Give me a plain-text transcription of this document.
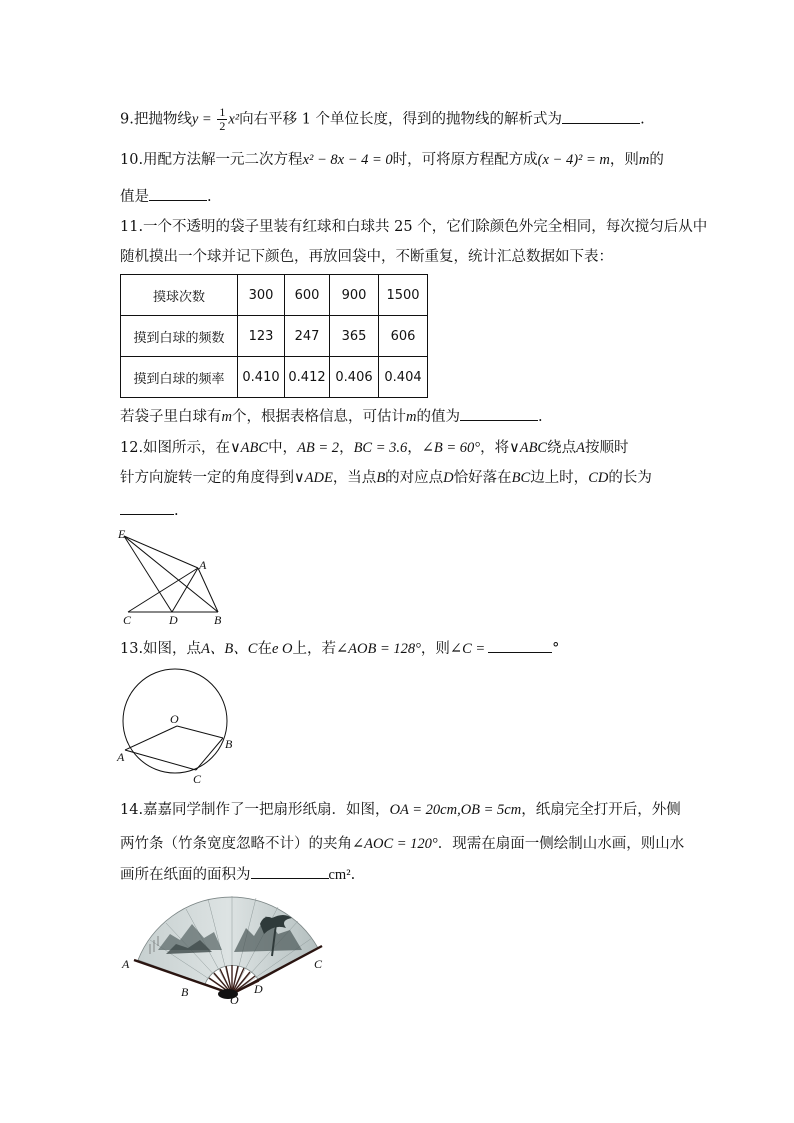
9.把抛物线$y = \frac{1}{2} x^2$向右平移 1 个单位长度，得到的抛物线的解析式为	.
10.用配方法解一元二次方程x² − 8x − 4 = 0时，可将原方程配方成(x − 4)² = m，则m的
值是	.
11.一个不透明的袋子里装有红球和白球共 25 个，它们除颜色外完全相同，每次搅匀后从中
随机摸出一个球并记下颜色，再放回袋中，不断重复，统计汇总数据如下表：
摸球次数	300	600	900	1500
摸到白球的频数	123	247	365	606
摸到白球的频率	0.410	0.412	0.406	0.404
若袋子里白球有m个，根据表格信息，可估计m的值为	.
12.如图所示，在∨ABC中，AB = 2，BC = 3.6，∠B = 60°，将∨ABC绕点A按顺时
针方向旋转一定的角度得到∨ADE，当点B的对应点D恰好落在BC边上时，CD的长为
.
E
A
C	D	B
13.如图，点A、B、C在e O上，若∠AOB = 128°，则∠C =	°
O
A
B
C
14.嘉嘉同学制作了一把扇形纸扇．如图，OA = 20cm,OB = 5cm，纸扇完全打开后，外侧
两竹条（竹条宽度忽略不计）的夹角∠AOC = 120°．现需在扇面一侧绘制山水画，则山水
画所在纸面的面积为	cm².
A	C
B	D
O
